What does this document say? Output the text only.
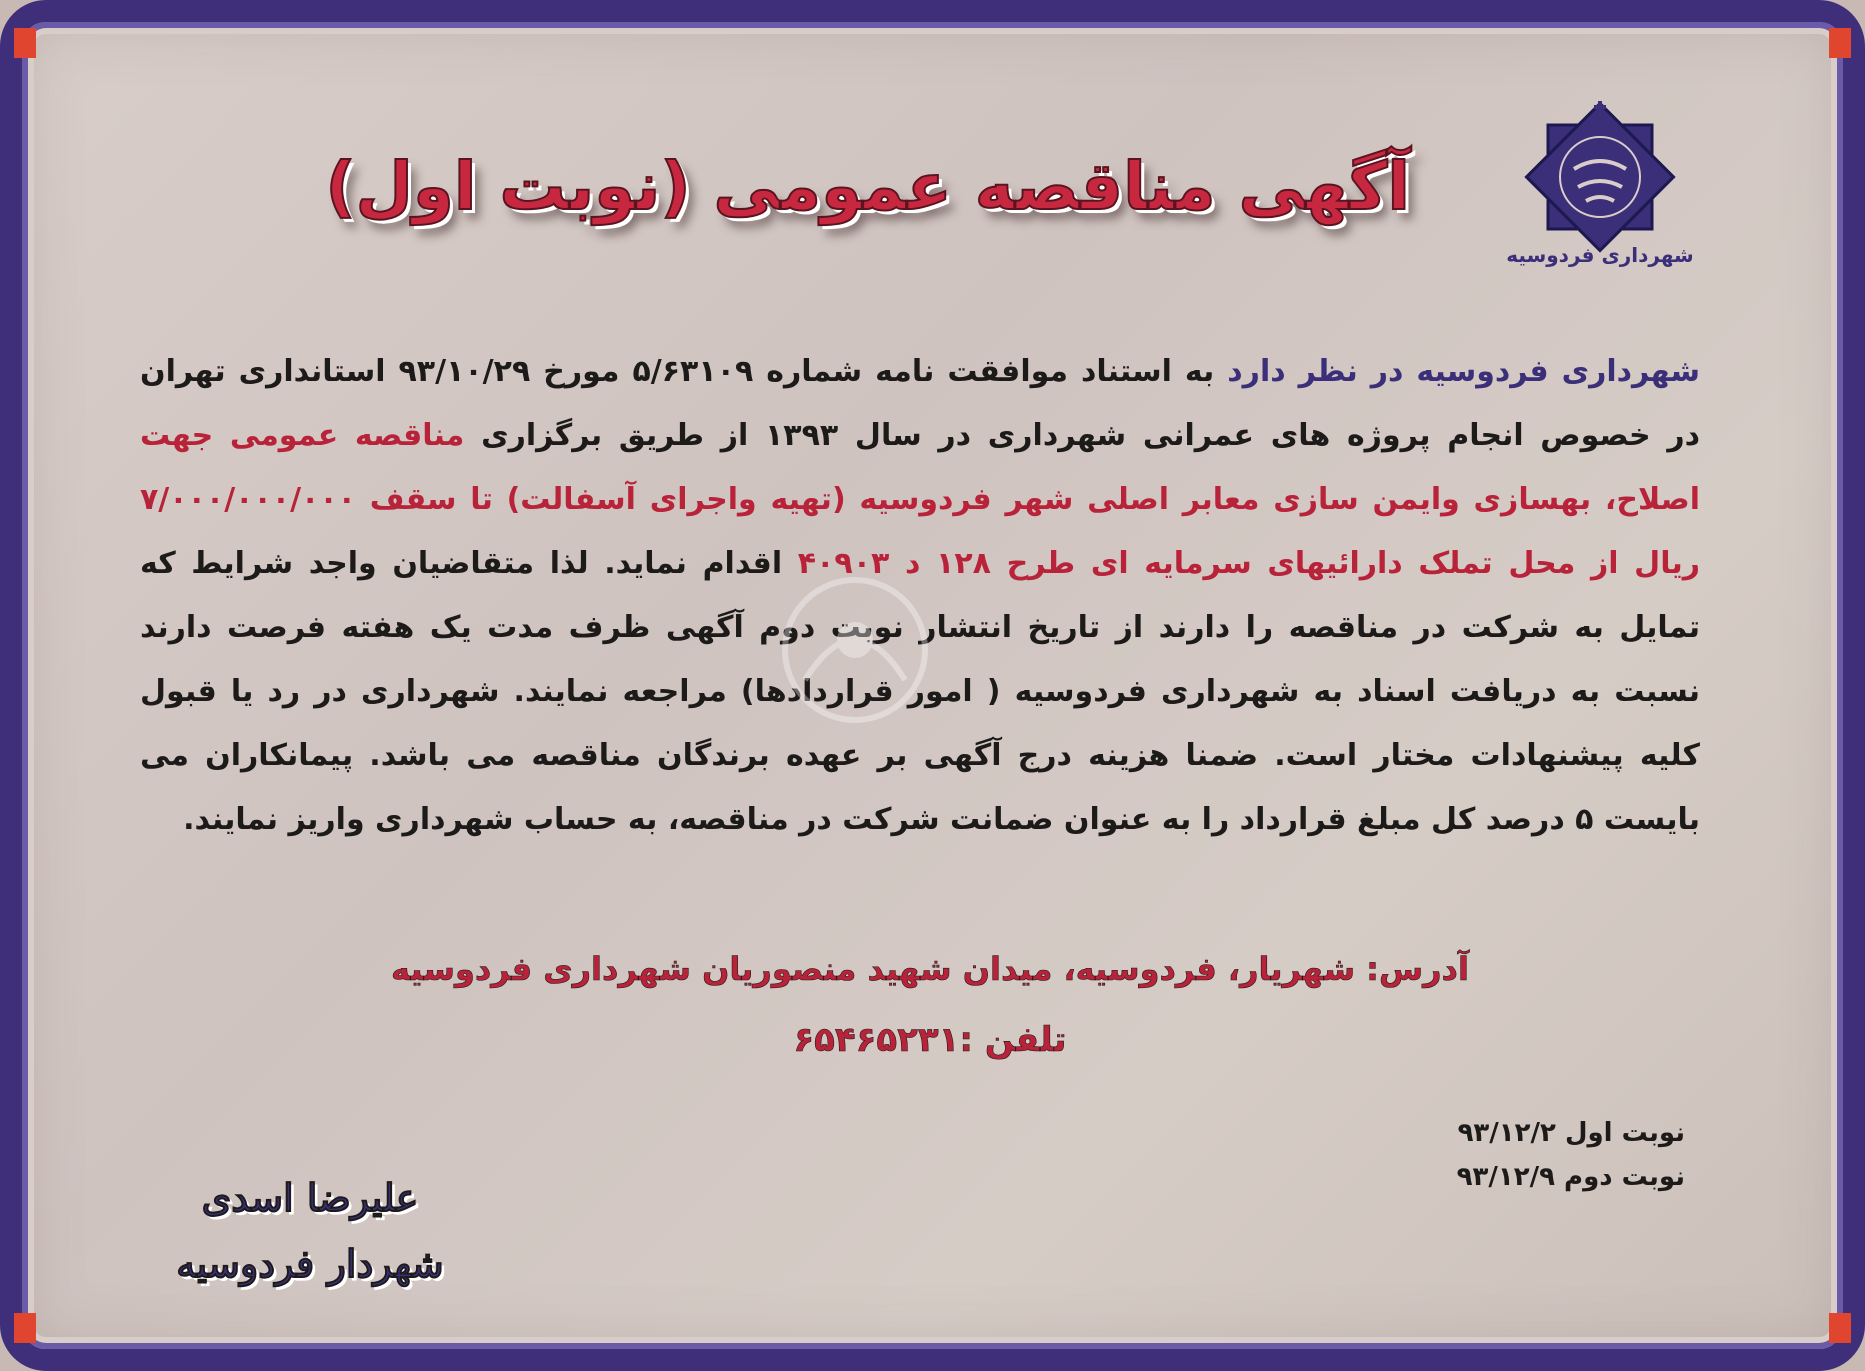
شهرداری فردوسیه
آگهی مناقصه عمومی (نوبت اول)
شهرداری فردوسیه در نظر دارد به استناد موافقت نامه شماره ۵/۶۳۱۰۹ مورخ ۹۳/۱۰/۲۹ استانداری تهران در خصوص انجام پروژه های عمرانی شهرداری در سال ۱۳۹۳ از طریق برگزاری مناقصه عمومی جهت اصلاح، بهسازی وایمن سازی معابر اصلی شهر فردوسیه (تهیه واجرای آسفالت) تا سقف ۷/۰۰۰/۰۰۰/۰۰۰ ریال از محل تملک دارائیهای سرمایه ای طرح ۱۲۸ د ۴۰۹۰۳ اقدام نماید. لذا متقاضیان واجد شرایط که تمایل به شرکت در مناقصه را دارند از تاریخ انتشار نوبت دوم آگهی ظرف مدت یک هفته فرصت دارند نسبت به دریافت اسناد به شهرداری فردوسیه ( امور قراردادها) مراجعه نمایند. شهرداری در رد یا قبول کلیه پیشنهادات مختار است. ضمنا هزینه درج آگهی بر عهده برندگان مناقصه می باشد. پیمانکاران می بایست ۵ درصد کل مبلغ قرارداد را به عنوان ضمانت شرکت در مناقصه، به حساب شهرداری واریز نمایند.
آدرس: شهریار، فردوسیه، میدان شهید منصوریان شهرداری فردوسیه
تلفن :۶۵۴۶۵۲۳۱
نوبت اول ۹۳/۱۲/۲
نوبت دوم ۹۳/۱۲/۹
علیرضا اسدی
شهردار فردوسیه
